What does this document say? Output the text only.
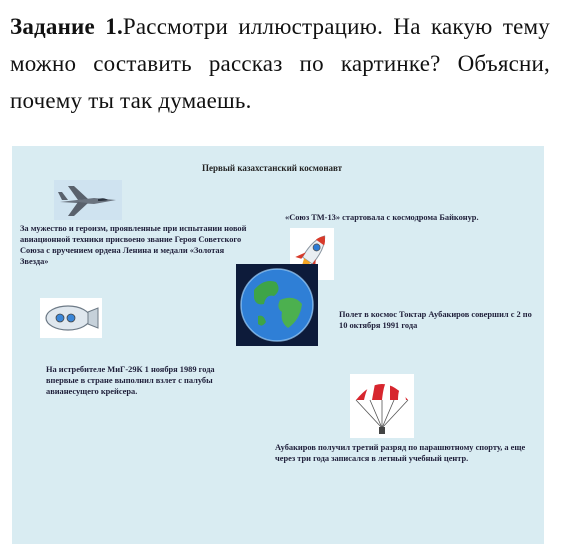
Задание 1.Рассмотри иллюстрацию. На какую тему можно составить рассказ по картинке? Объясни, почему ты так думаешь.
Первый казахстанский космонавт
За мужество и героизм, проявленные при испытании новой авиационной техники присвоено звание Героя Советского Союза с вручением ордена Ленина и медали «Золотая Звезда»
«Союз ТМ-13» стартовала с космодрома Байконур.
Полет в космос Токтар Аубакиров совершил с 2 по 10 октября 1991 года
На истребителе МиГ-29К 1 ноября 1989 года впервые в стране выполнил взлет с палубы авианесущего крейсера.
Аубакиров получил третий разряд по парашютному спорту, а еще через три года записался в летный учебный центр.
